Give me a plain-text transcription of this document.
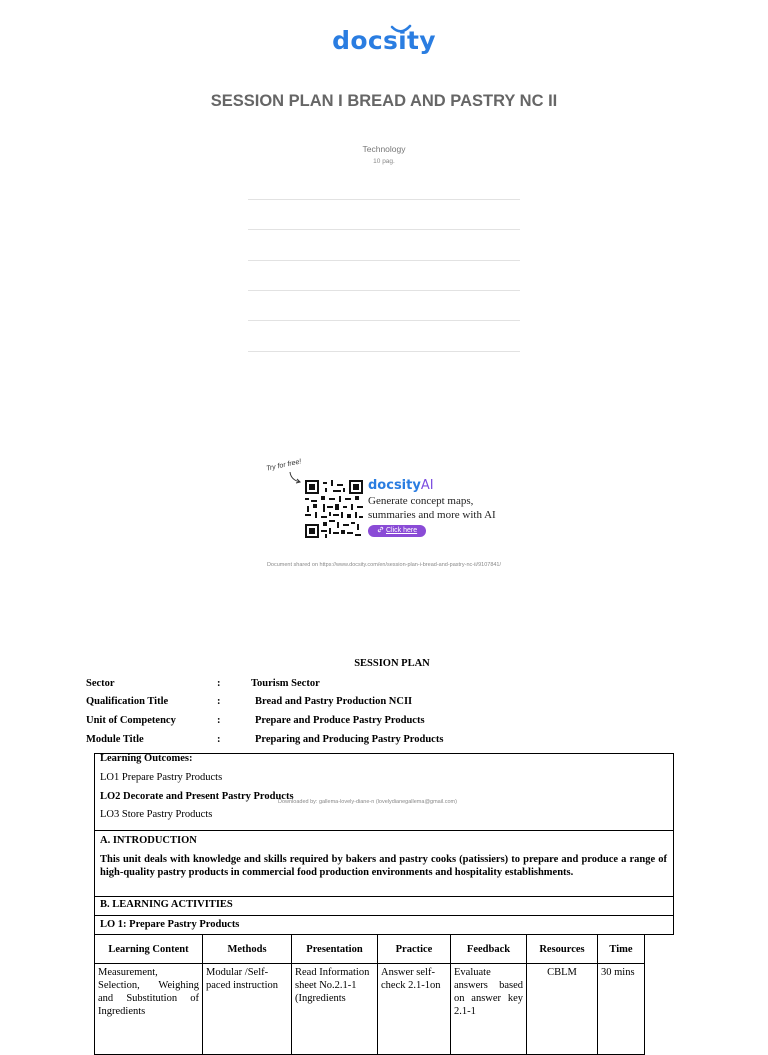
docsity
SESSION PLAN I BREAD AND PASTRY NC II
Technology
10 pag.
Try for free!
docsityAI
Generate concept maps, summaries and more with AI
Click here
Document shared on https://www.docsity.com/en/session-plan-i-bread-and-pastry-nc-ii/9107841/
SESSION PLAN
Sector	:	Tourism Sector
Qualification Title	:	Bread and Pastry Production NCII
Unit of Competency	:	Prepare and Produce Pastry Products
Module Title	:	Preparing and Producing Pastry Products
Learning Outcomes:
LO1 Prepare Pastry Products
LO2 Decorate and Present Pastry Products
LO3 Store Pastry Products
Downloaded by: gallema-lovely-diane-n (lovelydianegallema@gmail.com)
A. INTRODUCTION
This unit deals with knowledge and skills required by bakers and pastry cooks (patissiers) to prepare and produce a range of high-quality pastry products in commercial food production environments and hospitality establishments.
B. LEARNING ACTIVITIES
LO 1: Prepare Pastry Products
Learning Content	Methods	Presentation	Practice	Feedback	Resources	Time
Measurement, Selection, Weighing and Substitution of Ingredients	Modular /Self-paced instruction	Read Information sheet No.2.1-1 (Ingredients	Answer self-check 2.1-1on	Evaluate answers based on answer key 2.1-1	CBLM	30 mins
